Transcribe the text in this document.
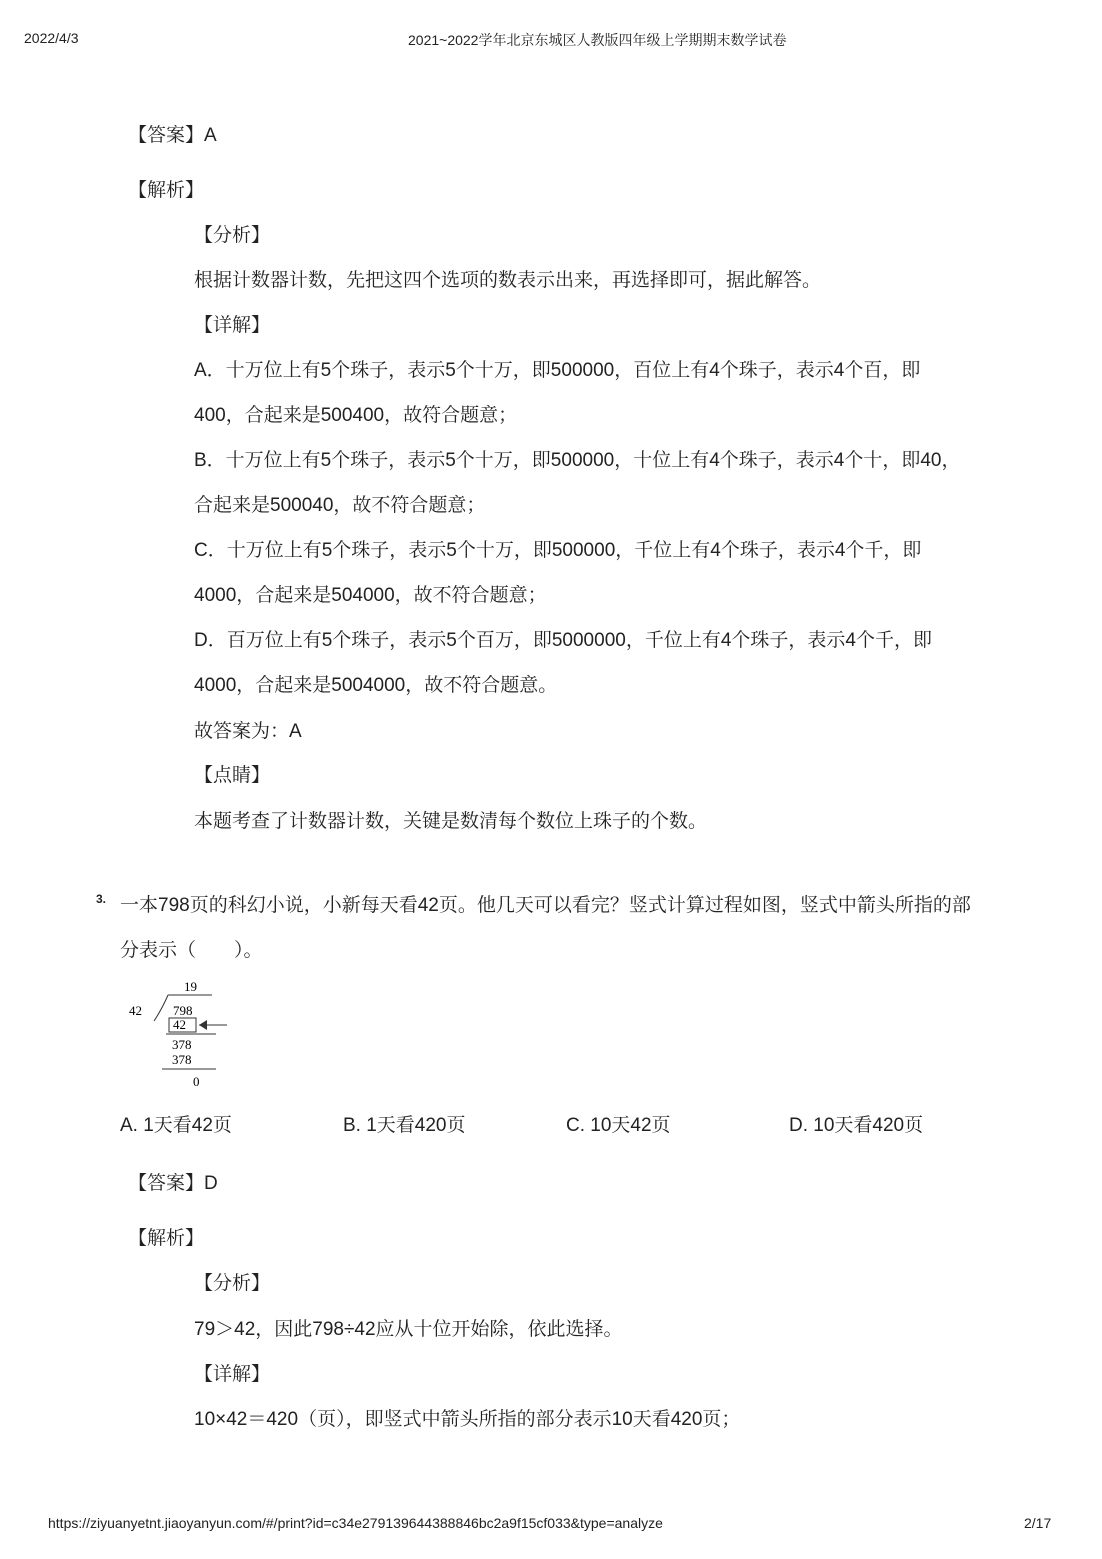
2022/4/3	2021~2022学年北京东城区人教版四年级上学期期末数学试卷
【答案】A
【解析】
【分析】
根据计数器计数，先把这四个选项的数表示出来，再选择即可，据此解答。
【详解】
A．十万位上有5个珠子，表示5个十万，即500000，百位上有4个珠子，表示4个百，即
400，合起来是500400，故符合题意；
B．十万位上有5个珠子，表示5个十万，即500000，十位上有4个珠子，表示4个十，即40，
合起来是500040，故不符合题意；
C．十万位上有5个珠子，表示5个十万，即500000，千位上有4个珠子，表示4个千，即
4000，合起来是504000，故不符合题意；
D．百万位上有5个珠子，表示5个百万，即5000000，千位上有4个珠子，表示4个千，即
4000，合起来是5004000，故不符合题意。
故答案为：A
【点睛】
本题考查了计数器计数，关键是数清每个数位上珠子的个数。
3. 一本798页的科幻小说，小新每天看42页。他几天可以看完？竖式计算过程如图，竖式中箭头所指的部
分表示（　　）。
19
42 798
42
378
378
0
A. 1天看42页	B. 1天看420页	C. 10天42页	D. 10天看420页
【答案】D
【解析】
【分析】
79＞42，因此798÷42应从十位开始除，依此选择。
【详解】
10×42＝420（页），即竖式中箭头所指的部分表示10天看420页；
https://ziyuanyetnt.jiaoyanyun.com/#/print?id=c34e279139644388846bc2a9f15cf033&type=analyze	2/17
